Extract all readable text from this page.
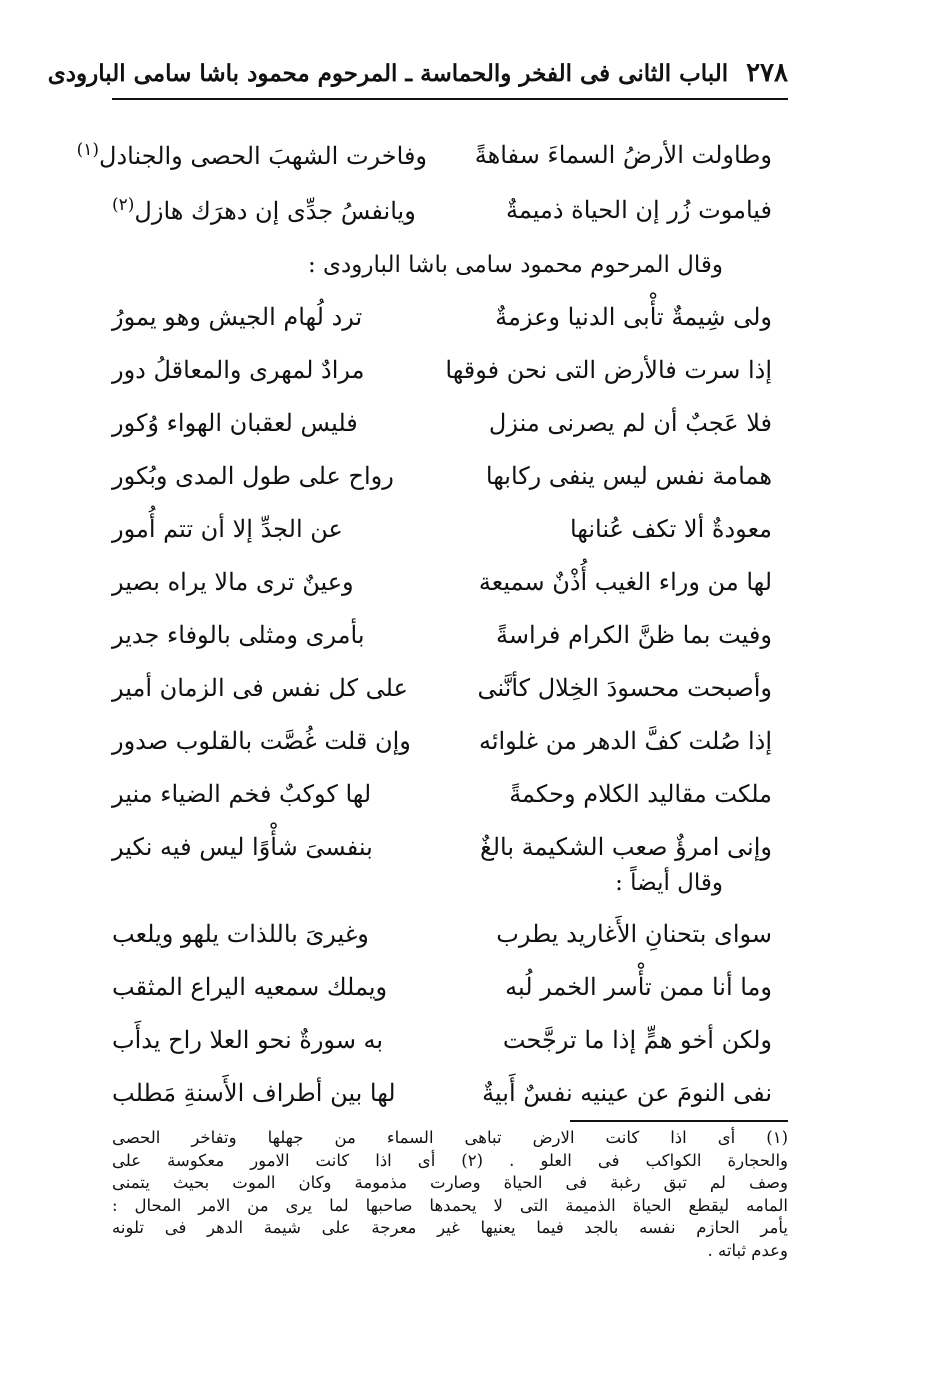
٢٧٨
الباب الثانى فى الفخر والحماسة ـ المرحوم محمود باشا سامى البارودى
وطاولت الأرضُ السماءَ سفاهةً
وفاخرت الشهبَ الحصى والجنادل$^{(١)}$
فياموت زُر إن الحياة ذميمةٌ
ويانفسُ جدِّى إن دهرَك هازل$^{(٢)}$
وقال المرحوم محمود سامى باشا البارودى :
ولى شِيمةٌ تأْبى الدنيا وعزمةٌ
ترد لُهام الجيش وهو يمورُ
إذا سرت فالأرض التى نحن فوقها
مرادٌ لمهرى والمعاقلُ دور
فلا عَجبٌ أن لم يصرنى منزل
فليس لعقبان الهواء وُكور
همامة نفس ليس ينفى ركابها
رواح على طول المدى وبُكور
معودةٌ ألا تكف عُنانها
عن الجدِّ إلا أن تتم أُمور
لها من وراء الغيب أُذْنٌ سميعة
وعينٌ ترى مالا يراه بصير
وفيت بما ظنَّ الكرام فراسةً
بأمرى ومثلى بالوفاء جدير
وأصبحت محسودَ الخِلال كأنَّنى
على كل نفس فى الزمان أمير
إذا صُلت كفَّ الدهر من غلوائه
وإن قلت غُصَّت بالقلوب صدور
ملكت مقاليد الكلام وحكمةً
لها كوكبٌ فخم الضياء منير
وإنى امرؤٌ صعب الشكيمة بالغٌ
بنفسىَ شأْوًا ليس فيه نكير
وقال أيضاً :
سواى بتحنانِ الأَغاريد يطرب
وغيرىَ باللذات يلهو ويلعب
وما أنا ممن تأْسر الخمر لُبه
ويملك سمعيه اليراع المثقب
ولكن أخو همٍّ إذا ما ترجَّحت
به سورةٌ نحو العلا راح يدأَب
نفى النومَ عن عينيه نفسٌ أَبيةٌ
لها بين أطراف الأَسنةِ مَطلب
(١) أى اذا كانت الارض تباهى السماء من جهلها وتفاخر الحصى
والحجارة الكواكب فى العلو . (٢) أى اذا كانت الامور معكوسة على
وصف لم تبق رغبة فى الحياة وصارت مذمومة وكان الموت بحيث يتمنى
المامه ليقطع الحياة الذميمة التى لا يحمدها صاحبها لما يرى من الامر المحال :
يأمر الحازم نفسه بالجد فيما يعنيها غير معرجة على شيمة الدهر فى تلونه
وعدم ثباته .
